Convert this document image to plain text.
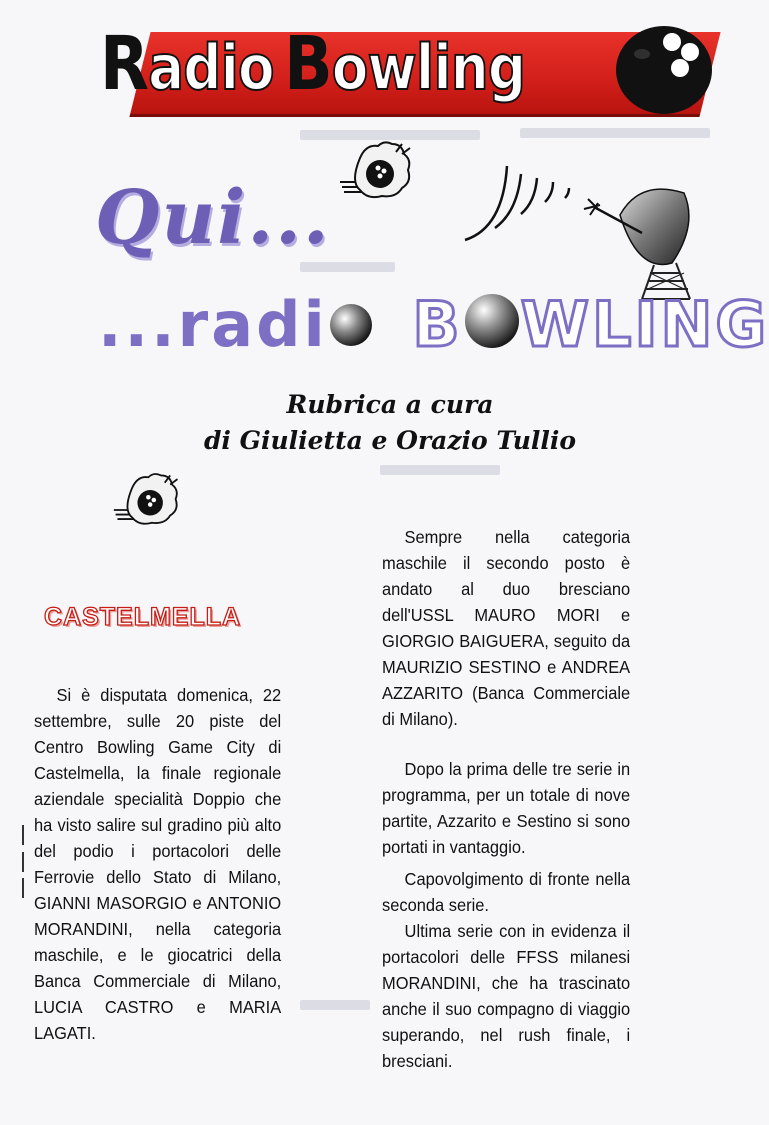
Radio Bowling
Qui...
...radi B WLING
Rubrica a cura
di Giulietta e Orazio Tullio
CASTELMELLA

Si è disputata domenica, 22 settembre, sulle 20 piste del Centro Bowling Game City di Castelmella, la finale regionale aziendale specialità Doppio che ha visto salire sul gradino più alto del podio i portacolori delle Ferrovie dello Stato di Milano, GIANNI MASORGIO e ANTONIO MORANDINI, nella categoria maschile, e le giocatrici della Banca Commerciale di Milano, LUCIA CASTRO e MARIA LAGATI.

Sempre nella categoria maschile il secondo posto è andato al duo bresciano dell'USSL MAURO MORI e GIORGIO BAIGUERA, seguito da MAURIZIO SESTINO e ANDREA AZZARITO (Banca Commerciale di Milano).

Dopo la prima delle tre serie in programma, per un totale di nove partite, Azzarito e Sestino si sono portati in vantaggio.

Capovolgimento di fronte nella seconda serie.

Ultima serie con in evidenza il portacolori delle FFSS milanesi MORANDINI, che ha trascinato anche il suo compagno di viaggio superando, nel rush finale, i bresciani.
